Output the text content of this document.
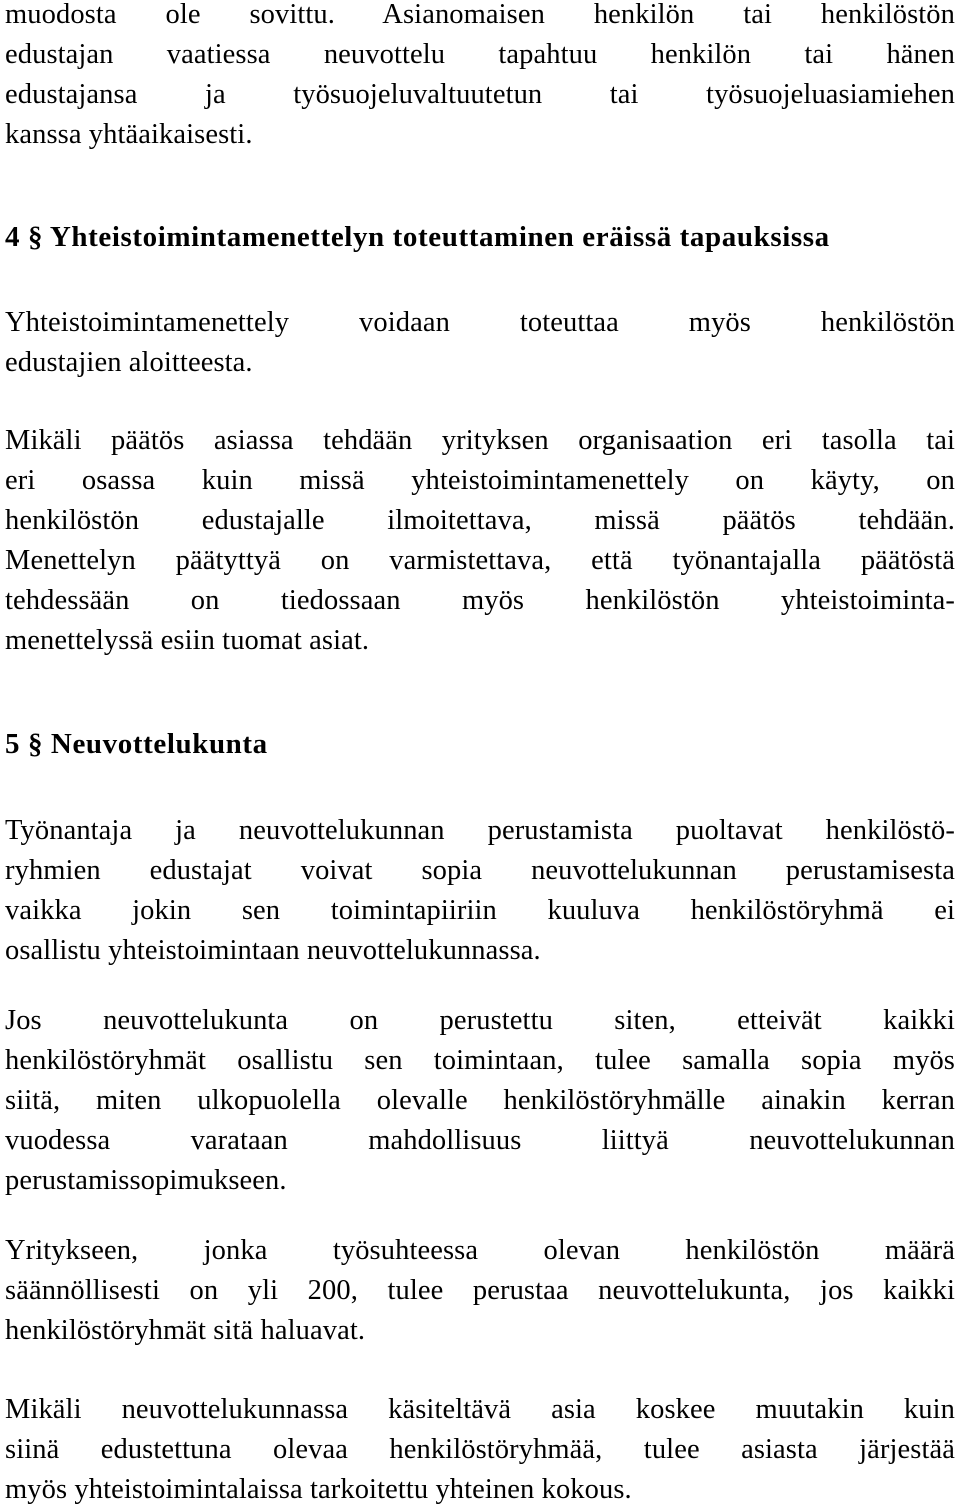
muodosta ole sovittu. Asianomaisen henkilön tai henkilöstön
edustajan vaatiessa neuvottelu tapahtuu henkilön tai hänen
edustajansa ja työsuojeluvaltuutetun tai työsuojeluasiamiehen
kanssa yhtäaikaisesti.

4 § Yhteistoimintamenettelyn toteuttaminen eräissä tapauksissa

Yhteistoimintamenettely voidaan toteuttaa myös henkilöstön
edustajien aloitteesta.

Mikäli päätös asiassa tehdään yrityksen organisaation eri tasolla tai
eri osassa kuin missä yhteistoimintamenettely on käyty, on
henkilöstön edustajalle ilmoitettava, missä päätös tehdään.
Menettelyn päätyttyä on varmistettava, että työnantajalla päätöstä
tehdessään on tiedossaan myös henkilöstön yhteistoiminta-
menettelyssä esiin tuomat asiat.

5 § Neuvottelukunta

Työnantaja ja neuvottelukunnan perustamista puoltavat henkilöstö-
ryhmien edustajat voivat sopia neuvottelukunnan perustamisesta
vaikka jokin sen toimintapiiriin kuuluva henkilöstöryhmä ei
osallistu yhteistoimintaan neuvottelukunnassa.

Jos neuvottelukunta on perustettu siten, etteivät kaikki
henkilöstöryhmät osallistu sen toimintaan, tulee samalla sopia myös
siitä, miten ulkopuolella olevalle henkilöstöryhmälle ainakin kerran
vuodessa varataan mahdollisuus liittyä neuvottelukunnan
perustamissopimukseen.

Yritykseen, jonka työsuhteessa olevan henkilöstön määrä
säännöllisesti on yli 200, tulee perustaa neuvottelukunta, jos kaikki
henkilöstöryhmät sitä haluavat.

Mikäli neuvottelukunnassa käsiteltävä asia koskee muutakin kuin
siinä edustettuna olevaa henkilöstöryhmää, tulee asiasta järjestää
myös yhteistoimintalaissa tarkoitettu yhteinen kokous.
